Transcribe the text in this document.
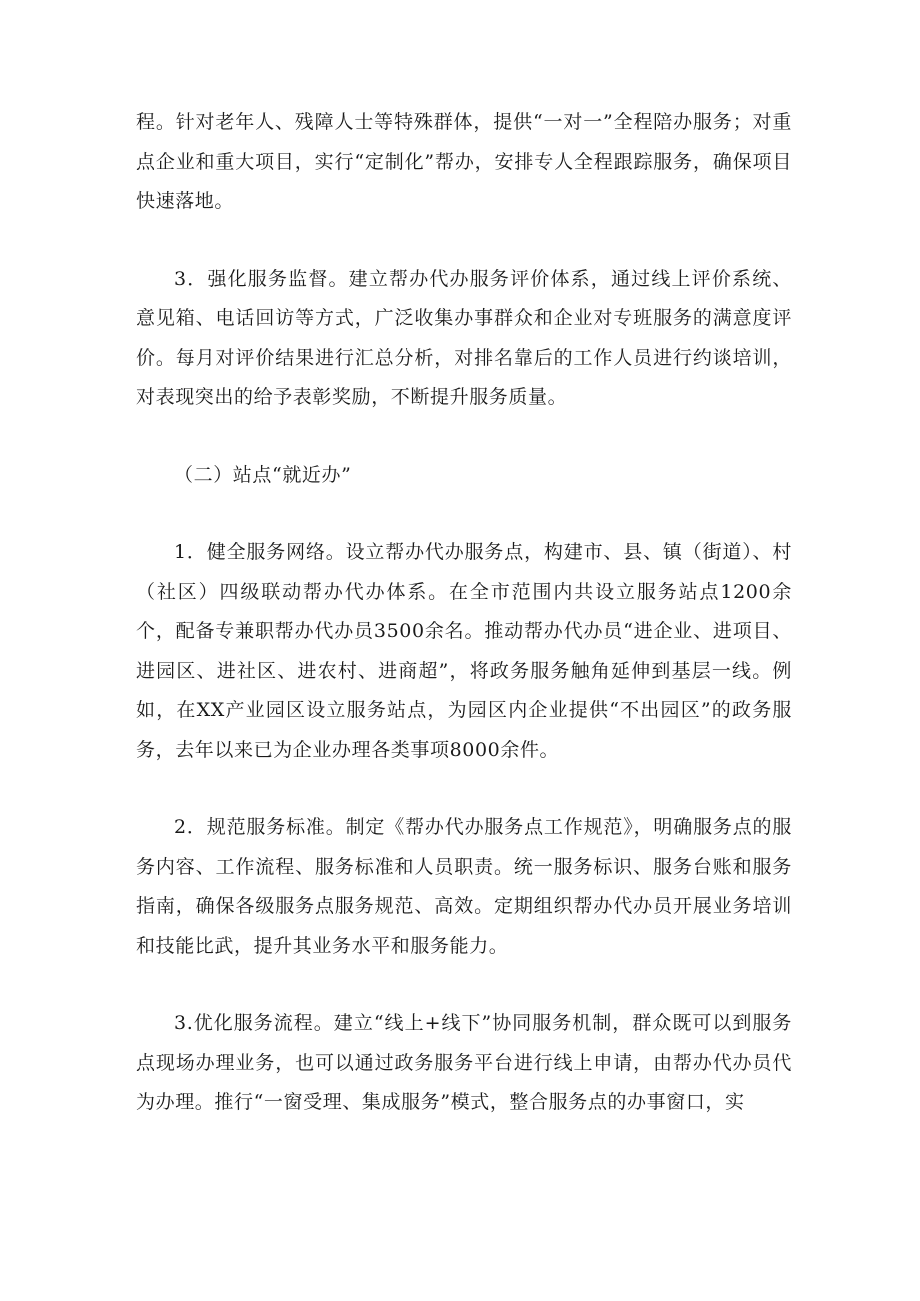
程。针对老年人、残障人士等特殊群体，提供“一对一”全程陪办服务；对重点企业和重大项目，实行“定制化”帮办，安排专人全程跟踪服务，确保项目快速落地。

3．强化服务监督。建立帮办代办服务评价体系，通过线上评价系统、意见箱、电话回访等方式，广泛收集办事群众和企业对专班服务的满意度评价。每月对评价结果进行汇总分析，对排名靠后的工作人员进行约谈培训，对表现突出的给予表彰奖励，不断提升服务质量。

（二）站点“就近办”

1．健全服务网络。设立帮办代办服务点，构建市、县、镇（街道）、村（社区）四级联动帮办代办体系。在全市范围内共设立服务站点1200余个，配备专兼职帮办代办员3500余名。推动帮办代办员“进企业、进项目、进园区、进社区、进农村、进商超”，将政务服务触角延伸到基层一线。例如，在XX产业园区设立服务站点，为园区内企业提供“不出园区”的政务服务，去年以来已为企业办理各类事项8000余件。

2．规范服务标准。制定《帮办代办服务点工作规范》，明确服务点的服务内容、工作流程、服务标准和人员职责。统一服务标识、服务台账和服务指南，确保各级服务点服务规范、高效。定期组织帮办代办员开展业务培训和技能比武，提升其业务水平和服务能力。

3.优化服务流程。建立“线上+线下”协同服务机制，群众既可以到服务点现场办理业务，也可以通过政务服务平台进行线上申请，由帮办代办员代为办理。推行“一窗受理、集成服务”模式，整合服务点的办事窗口，实
